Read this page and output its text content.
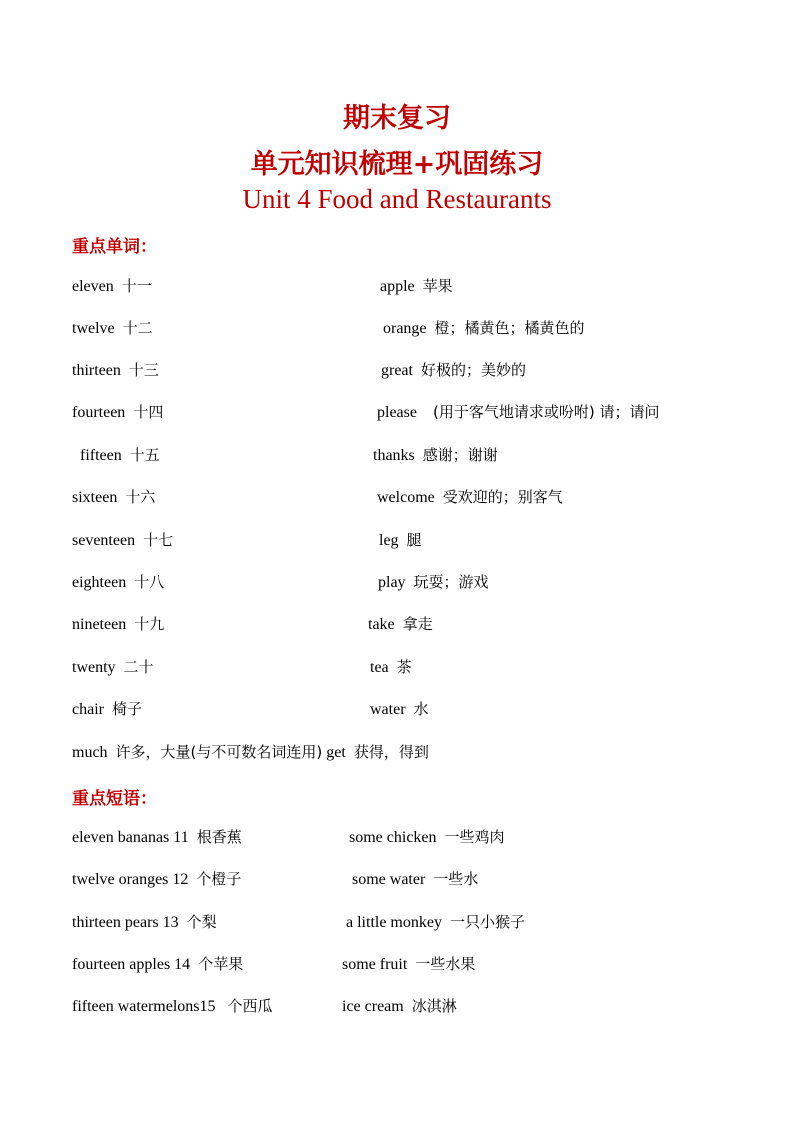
期末复习
单元知识梳理+巩固练习
Unit 4 Food and Restaurants
重点单词：
eleven 十一
twelve 十二
thirteen 十三
fourteen 十四
fifteen 十五
sixteen 十六
seventeen 十七
eighteen 十八
nineteen 十九
twenty 二十
chair 椅子
apple 苹果
orange 橙；橘黄色；橘黄色的
great 好极的；美妙的
please (用于客气地请求或吩咐) 请；请问
thanks 感谢；谢谢
welcome 受欢迎的；别客气
leg 腿
play 玩耍；游戏
take 拿走
tea 茶
water 水
much 许多，大量(与不可数名词连用) get 获得，得到
重点短语：
eleven bananas 11 根香蕉
twelve oranges 12 个橙子
thirteen pears 13 个梨
fourteen apples 14 个苹果
fifteen watermelons15 个西瓜
some chicken 一些鸡肉
some water 一些水
a little monkey 一只小猴子
some fruit 一些水果
ice cream 冰淇淋
